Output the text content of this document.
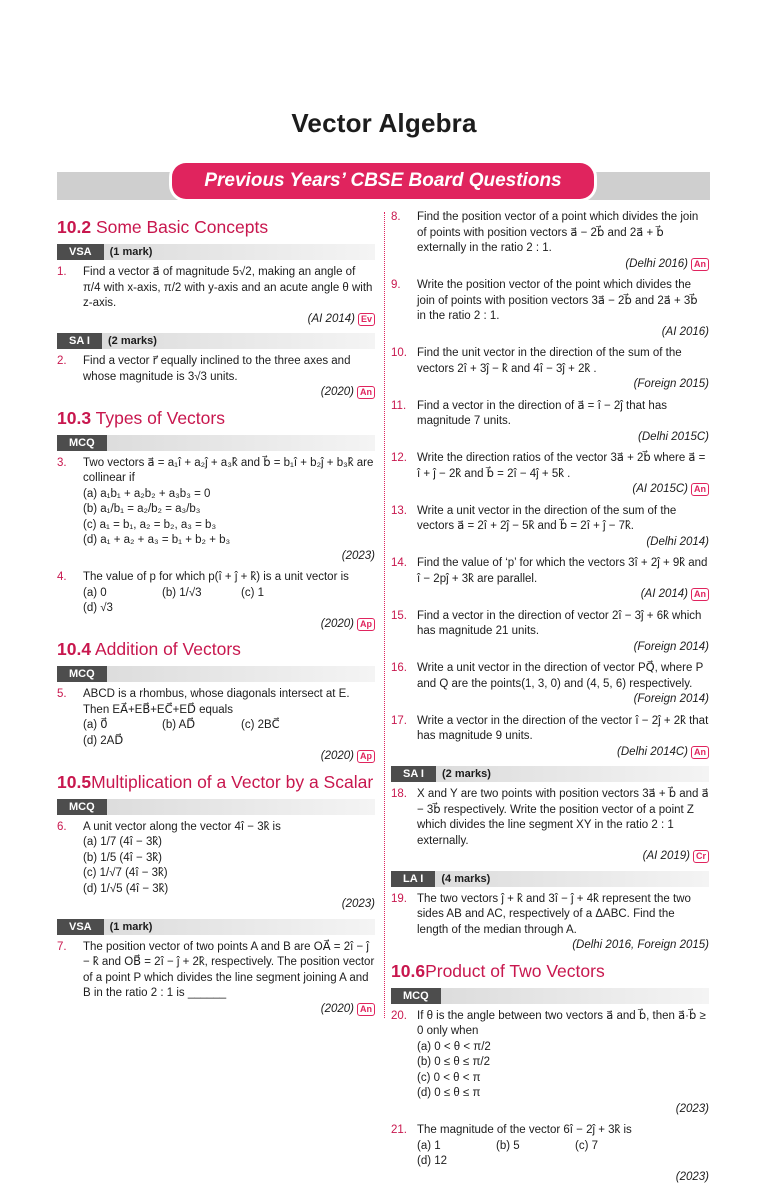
Vector Algebra
Previous Years’ CBSE Board Questions
10.2 Some Basic Concepts
VSA (1 mark)
1. Find a vector a⃗ of magnitude 5√2, making an angle of π/4 with x-axis, π/2 with y-axis and an acute angle θ with z-axis.
(AI 2014) Ev
SA I (2 marks)
2. Find a vector r⃗ equally inclined to the three axes and whose magnitude is 3√3 units.
(2020) An
10.3 Types of Vectors
MCQ
3. Two vectors a⃗ = a₁î + a₂ĵ + a₃k̂ and b⃗ = b₁î + b₂ĵ + b₃k̂ are collinear if
(a) a₁b₁ + a₂b₂ + a₃b₃ = 0
(b) a₁/b₁ = a₂/b₂ = a₃/b₃
(c) a₁ = b₁, a₂ = b₂, a₃ = b₃
(d) a₁ + a₂ + a₃ = b₁ + b₂ + b₃
(2023)
4. The value of p for which p(î + ĵ + k̂) is a unit vector is
(a) 0	(b) 1/√3	(c) 1
(d) √3
(2020) Ap
10.4 Addition of Vectors
MCQ
5. ABCD is a rhombus, whose diagonals intersect at E. Then EA⃗+EB⃗+EC⃗+ED⃗ equals
(a) 0⃗	(b) AD⃗	(c) 2BC⃗
(d) 2AD⃗
(2020) Ap
10.5Multiplication of a Vector by a Scalar
MCQ
6. A unit vector along the vector 4î − 3k̂ is
(a) 1/7 (4î − 3k̂)
(b) 1/5 (4î − 3k̂)
(c) 1/√7 (4î − 3k̂)
(d) 1/√5 (4î − 3k̂)
(2023)
VSA (1 mark)
7. The position vector of two points A and B are OA⃗ = 2î − ĵ − k̂ and OB⃗ = 2î − ĵ + 2k̂, respectively. The position vector of a point P which divides the line segment joining A and B in the ratio 2 : 1 is ______
(2020) An
8. Find the position vector of a point which divides the join of points with position vectors a⃗ − 2b⃗ and 2a⃗ + b⃗ externally in the ratio 2 : 1.
(Delhi 2016) An
9. Write the position vector of the point which divides the join of points with position vectors 3a⃗ − 2b⃗ and 2a⃗ + 3b⃗ in the ratio 2 : 1.
(AI 2016)
10. Find the unit vector in the direction of the sum of the vectors 2î + 3ĵ − k̂ and 4î − 3ĵ + 2k̂ .
(Foreign 2015)
11. Find a vector in the direction of a⃗ = î − 2ĵ that has magnitude 7 units.
(Delhi 2015C)
12. Write the direction ratios of the vector 3a⃗ + 2b⃗ where a⃗ = î + ĵ − 2k̂ and b⃗ = 2î − 4ĵ + 5k̂ .
(AI 2015C) An
13. Write a unit vector in the direction of the sum of the vectors a⃗ = 2î + 2ĵ − 5k̂ and b⃗ = 2î + ĵ − 7k̂.
(Delhi 2014)
14. Find the value of ‘p’ for which the vectors 3î + 2ĵ + 9k̂ and î − 2pĵ + 3k̂ are parallel.
(AI 2014) An
15. Find a vector in the direction of vector 2î − 3ĵ + 6k̂ which has magnitude 21 units.
(Foreign 2014)
16. Write a unit vector in the direction of vector PQ⃗, where P and Q are the points(1, 3, 0) and (4, 5, 6) respectively.
(Foreign 2014)
17. Write a vector in the direction of the vector î − 2ĵ + 2k̂ that has magnitude 9 units.
(Delhi 2014C) An
SA I (2 marks)
18. X and Y are two points with position vectors 3a⃗ + b⃗ and a⃗ − 3b⃗ respectively. Write the position vector of a point Z which divides the line segment XY in the ratio 2 : 1 externally.
(AI 2019) Cr
LA I (4 marks)
19. The two vectors ĵ + k̂ and 3î − ĵ + 4k̂ represent the two sides AB and AC, respectively of a ΔABC. Find the length of the median through A.
(Delhi 2016, Foreign 2015)
10.6Product of Two Vectors
MCQ
20. If θ is the angle between two vectors a⃗ and b⃗, then a⃗·b⃗ ≥ 0 only when
(a) 0 < θ < π/2
(b) 0 ≤ θ ≤ π/2
(c) 0 < θ < π
(d) 0 ≤ θ ≤ π
(2023)
21. The magnitude of the vector 6î − 2ĵ + 3k̂ is
(a) 1	(b) 5	(c) 7
(d) 12
(2023)
